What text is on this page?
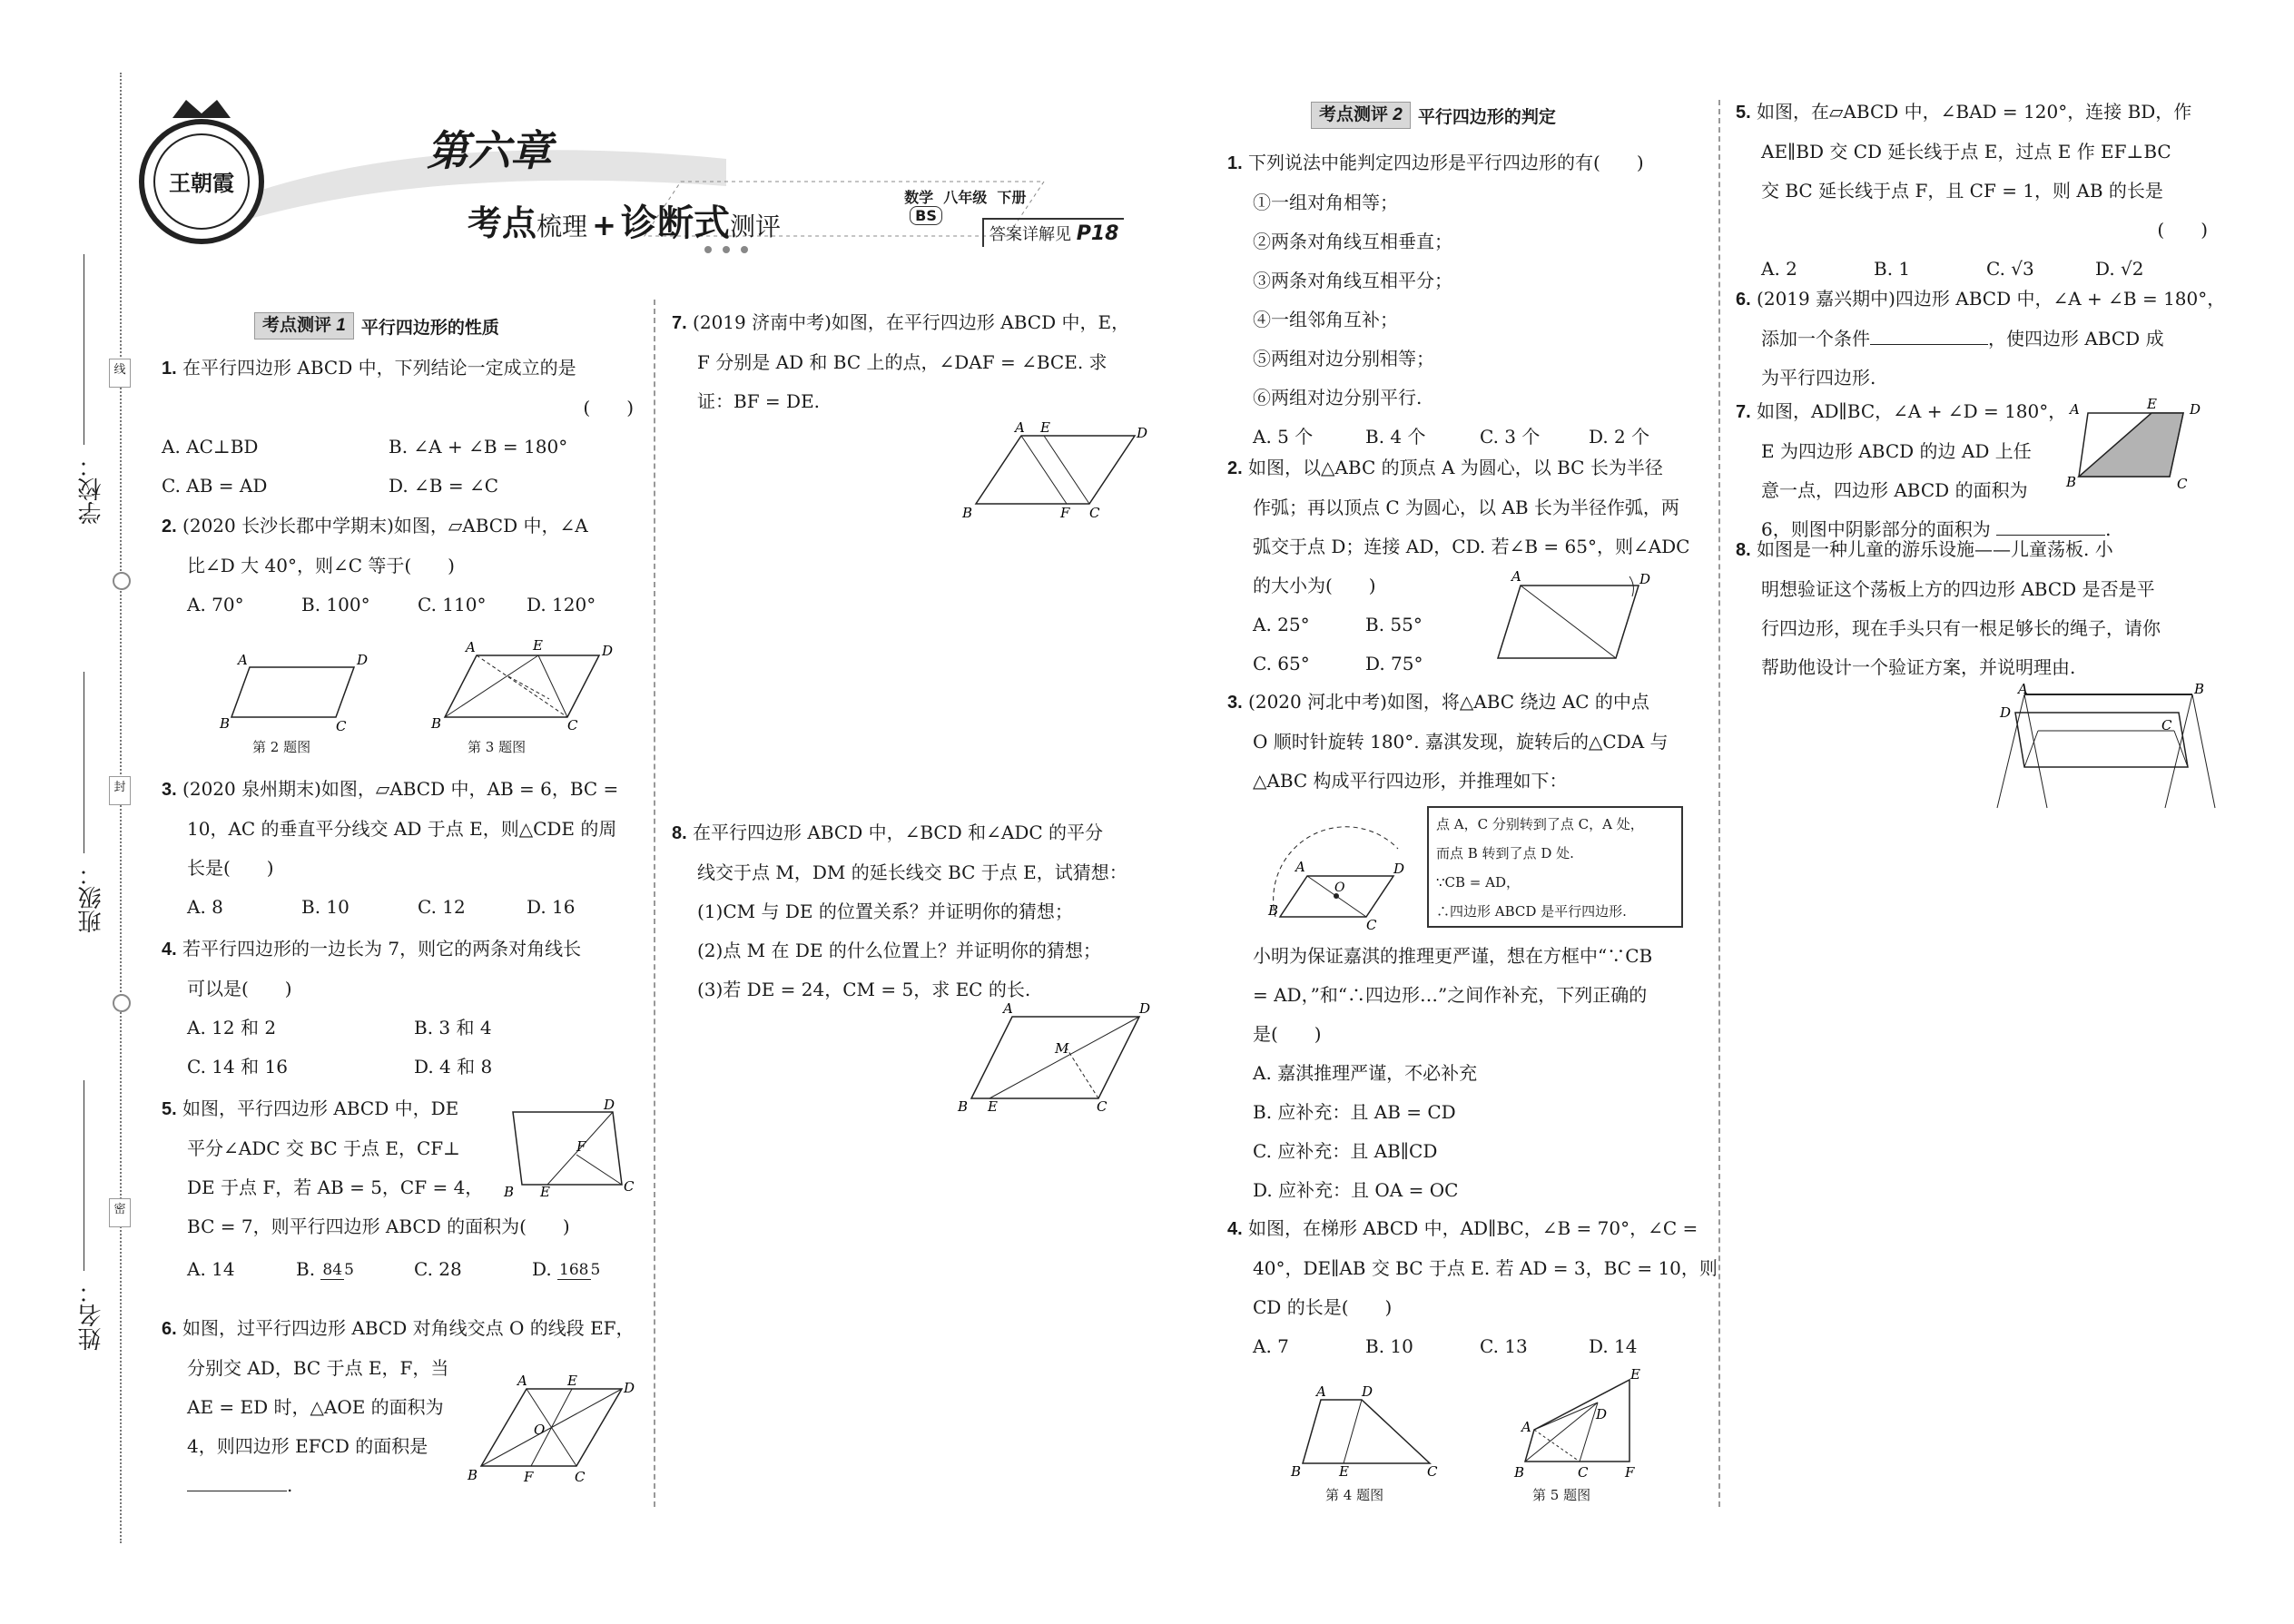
学校：
班级：
姓名：
线
封
密
王朝霞
第六章
考点梳理 + 诊断式测评

数学  八年级  下册
BS

答案详解见 P18
考点测评 1 平行四边形的性质

1. 在平行四边形 ABCD 中，下列结论一定成立的是

(　　)

A. AC⊥BD	B. ∠A + ∠B = 180°
C. AB = AD	D. ∠B = ∠C

2. (2020 长沙长郡中学期末)如图，▱ABCD 中，∠A

比∠D 大 40°，则∠C 等于(　　)

A. 70°	B. 100°	C. 110°	D. 120°
A	D
B	C
第 2 题图
A	E	D
B	C
第 3 题图

3. (2020 泉州期末)如图，▱ABCD 中，AB = 6，BC =

10，AC 的垂直平分线交 AD 于点 E，则△CDE 的周

长是(　　)

A. 8	B. 10	C. 12	D. 16

4. 若平行四边形的一边长为 7，则它的两条对角线长

可以是(　　)

A. 12 和 2	B. 3 和 4
C. 14 和 16	D. 4 和 8

5. 如图，平行四边形 ABCD 中，DE

平分∠ADC 交 BC 于点 E，CF⊥

DE 于点 F，若 AB = 5，CF = 4，

BC = 7，则平行四边形 ABCD 的面积为(　　)

A. 14	B. 84 5	C. 28	D. 168 5
D
F
B E	C

6. 如图，过平行四边形 ABCD 对角线交点 O 的线段 EF，

分别交 AD，BC 于点 E，F，当

AE = ED 时，△AOE 的面积为

4，则四边形 EFCD 的面积是

.

A	E	D
O
B	F	C

7. (2019 济南中考)如图，在平行四边形 ABCD 中，E，

F 分别是 AD 和 BC 上的点，∠DAF = ∠BCE. 求

证：BF = DE.

A E	D
B	F C

8. 在平行四边形 ABCD 中，∠BCD 和∠ADC 的平分

线交于点 M，DM 的延长线交 BC 于点 E，试猜想：

(1)CM 与 DE 的位置关系？并证明你的猜想；

(2)点 M 在 DE 的什么位置上？并证明你的猜想；

(3)若 DE = 24，CM = 5，求 EC 的长.

A	D
M
B E	C
考点测评 2 平行四边形的判定

1. 下列说法中能判定四边形是平行四边形的有(　　)

①一组对角相等；

②两条对角线互相垂直；

③两条对角线互相平分；

④一组邻角互补；

⑤两组对边分别相等；

⑥两组对边分别平行.

A. 5 个	B. 4 个	C. 3 个	D. 2 个

2. 如图，以△ABC 的顶点 A 为圆心，以 BC 长为半径

作弧；再以顶点 C 为圆心，以 AB 长为半径作弧，两

弧交于点 D；连接 AD，CD. 若∠B = 65°，则∠ADC

的大小为(　　)

A. 25°	B. 55°
C. 65°	D. 75°
A	D

3. (2020 河北中考)如图，将△ABC 绕边 AC 的中点

O 顺时针旋转 180°. 嘉淇发现，旋转后的△CDA 与

△ABC 构成平行四边形，并推理如下：

A	D
O
B
C
点 A，C 分别转到了点 C，A 处，
而点 B 转到了点 D 处.
∵CB = AD，
∴四边形 ABCD 是平行四边形.

小明为保证嘉淇的推理更严谨，想在方框中“∵CB

= AD，”和“∴四边形…”之间作补充，下列正确的

是(　　)

A. 嘉淇推理严谨，不必补充

B. 应补充：且 AB = CD

C. 应补充：且 AB∥CD

D. 应补充：且 OA = OC

4. 如图，在梯形 ABCD 中，AD∥BC，∠B = 70°，∠C =

40°，DE∥AB 交 BC 于点 E. 若 AD = 3，BC = 10，则

CD 的长是(　　)

A. 7	B. 10	C. 13	D. 14
A	D
B	E	C
第 4 题图
E
A
D
B	C	F
第 5 题图

5. 如图，在▱ABCD 中，∠BAD = 120°，连接 BD，作

AE∥BD 交 CD 延长线于点 E，过点 E 作 EF⊥BC

交 BC 延长线于点 F，且 CF = 1，则 AB 的长是

(　　)

A. 2	B. 1	C. √3	D. √2

6. (2019 嘉兴期中)四边形 ABCD 中，∠A + ∠B = 180°，

添加一个条件	，使四边形 ABCD 成

为平行四边形.

7. 如图，AD∥BC，∠A + ∠D = 180°，

E 为四边形 ABCD 的边 AD 上任

意一点，四边形 ABCD 的面积为

6，则图中阴影部分的面积为	.

A	E D
B	C

8. 如图是一种儿童的游乐设施——儿童荡板. 小

明想验证这个荡板上方的四边形 ABCD 是否是平

行四边形，现在手头只有一根足够长的绳子，请你

帮助他设计一个验证方案，并说明理由.

A	B
D
C
